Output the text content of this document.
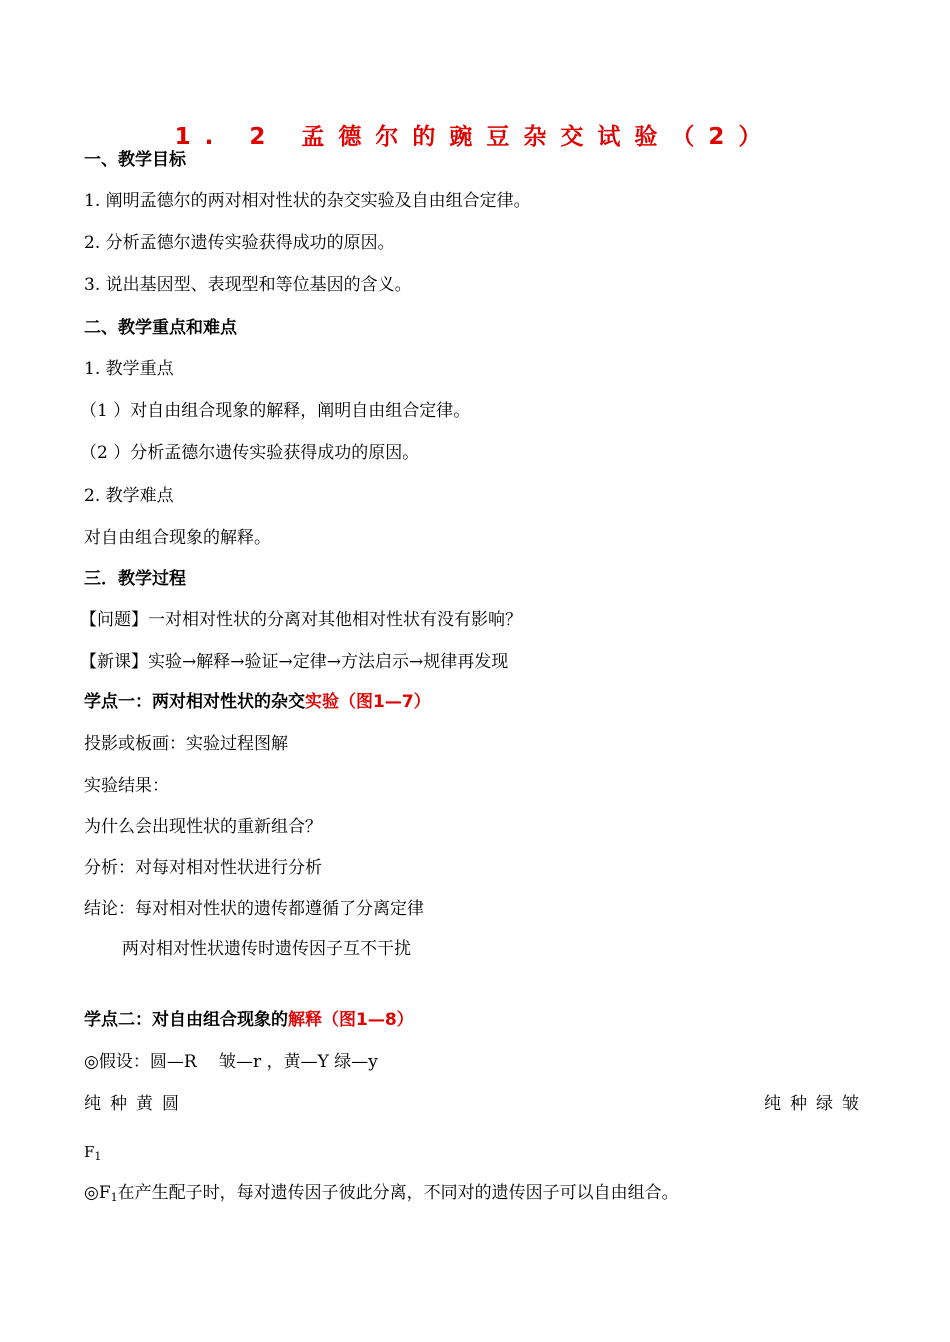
1. 2 孟德尔的豌豆杂交试验（2）
一、教学目标
1. 阐明孟德尔的两对相对性状的杂交实验及自由组合定律。
2. 分析孟德尔遗传实验获得成功的原因。
3. 说出基因型、表现型和等位基因的含义。
二、教学重点和难点
1. 教学重点
（1 ）对自由组合现象的解释，阐明自由组合定律。
（2 ）分析孟德尔遗传实验获得成功的原因。
2. 教学难点
对自由组合现象的解释。
三．教学过程
【问题】一对相对性状的分离对其他相对性状有没有影响？
【新课】实验→解释→验证→定律→方法启示→规律再发现
学点一：两对相对性状的杂交实验（图1—7）
投影或板画：实验过程图解
实验结果：
为什么会出现性状的重新组合？
分析：对每对相对性状进行分析
结论：每对相对性状的遗传都遵循了分离定律
两对相对性状遗传时遗传因子互不干扰
学点二：对自由组合现象的解释（图1—8）
◎假设：圆—R　 皱—r ，黄—Y 绿—y
纯种黄圆	纯种绿皱
$F_1$
$◎F_1$在产生配子时，每对遗传因子彼此分离，不同对的遗传因子可以自由组合。
